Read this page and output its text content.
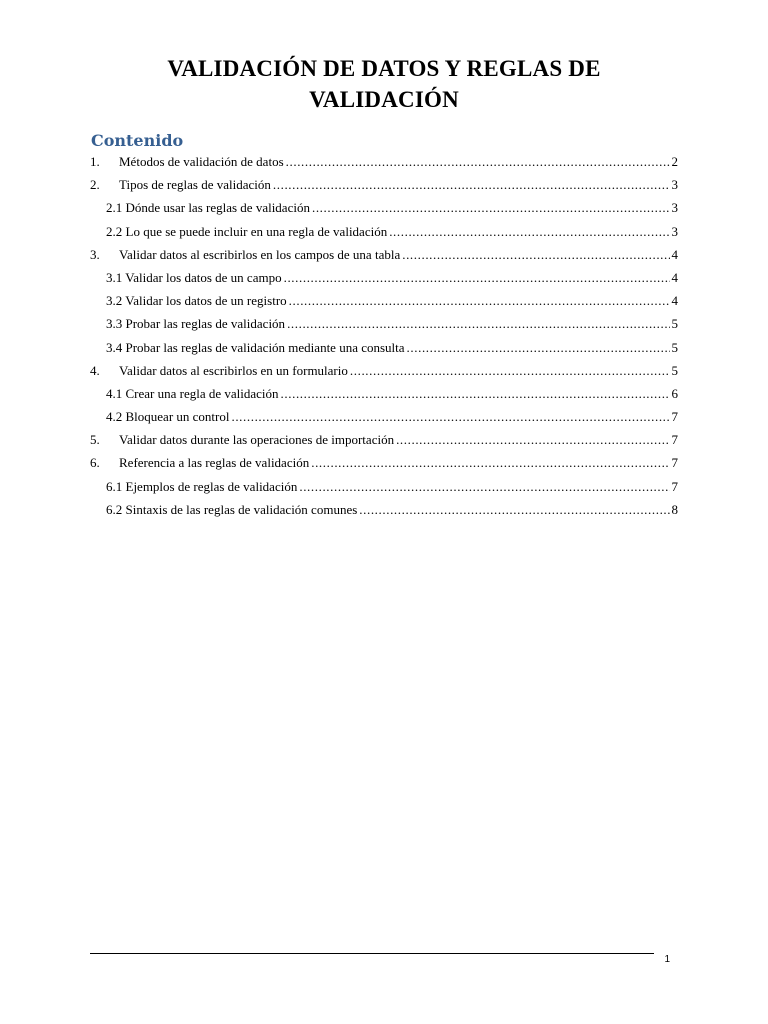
VALIDACIÓN DE DATOS Y REGLAS DE
VALIDACIÓN
Contenido
1.	Métodos de validación de datos .....	2
2.	Tipos de reglas de validación .....	3
2.1 Dónde usar las reglas de validación .....	3
2.2 Lo que se puede incluir en una regla de validación .....	3
3.	Validar datos al escribirlos en los campos de una tabla .....	4
3.1 Validar los datos de un campo .....	4
3.2 Validar los datos de un registro .....	4
3.3 Probar las reglas de validación .....	5
3.4 Probar las reglas de validación mediante una consulta .....	5
4.	Validar datos al escribirlos en un formulario .....	5
4.1 Crear una regla de validación .....	6
4.2 Bloquear un control .....	7
5.	Validar datos durante las operaciones de importación .....	7
6.	Referencia a las reglas de validación .....	7
6.1 Ejemplos de reglas de validación .....	7
6.2 Sintaxis de las reglas de validación comunes .....	8
1
